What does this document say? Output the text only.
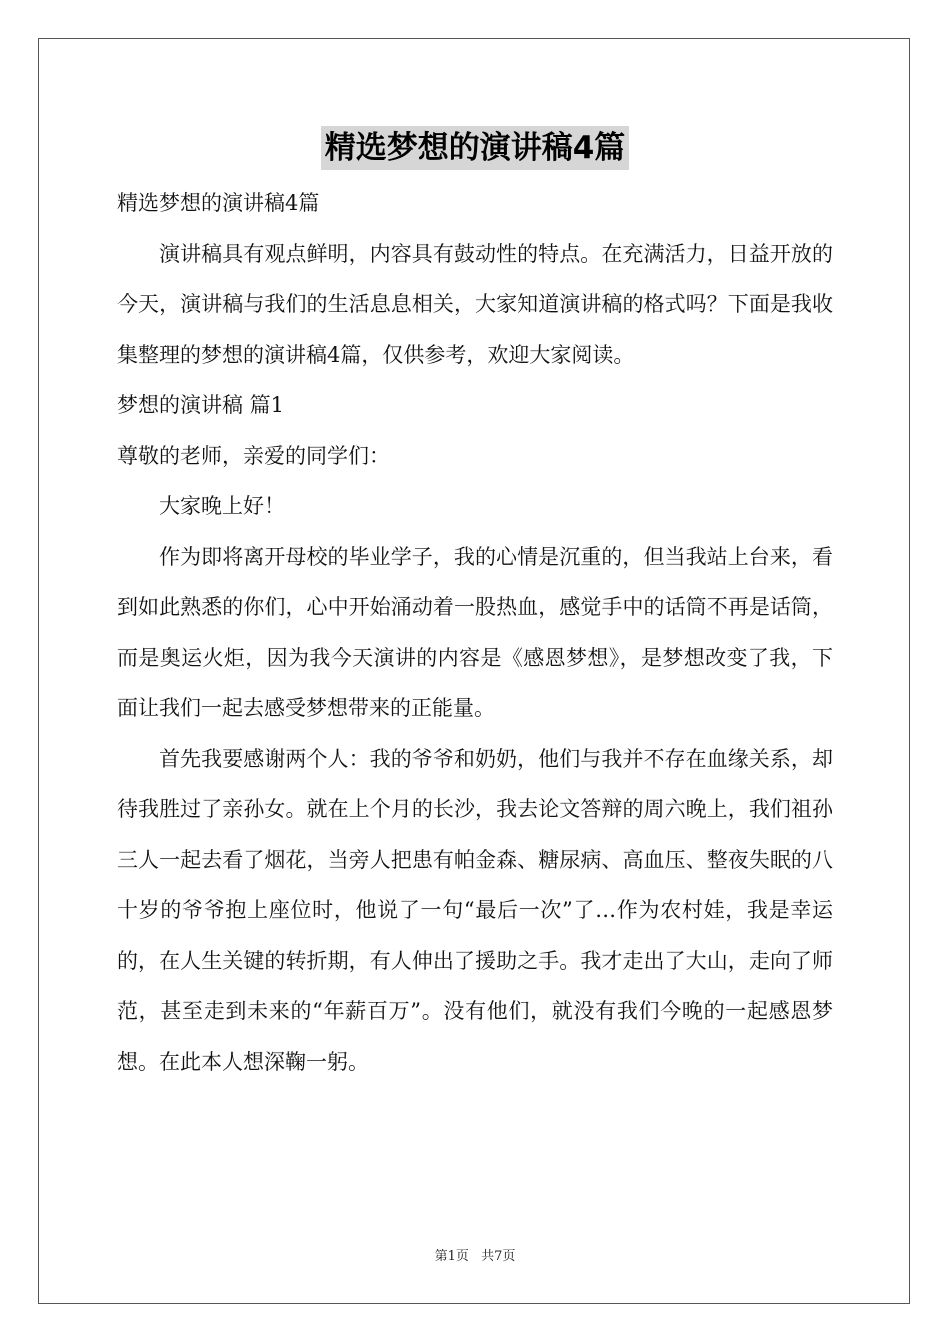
精选梦想的演讲稿4篇

精选梦想的演讲稿4篇

演讲稿具有观点鲜明，内容具有鼓动性的特点。在充满活力，日益开放的今天，演讲稿与我们的生活息息相关，大家知道演讲稿的格式吗？下面是我收集整理的梦想的演讲稿4篇，仅供参考，欢迎大家阅读。

梦想的演讲稿 篇1

尊敬的老师，亲爱的同学们：

大家晚上好！

作为即将离开母校的毕业学子，我的心情是沉重的，但当我站上台来，看到如此熟悉的你们，心中开始涌动着一股热血，感觉手中的话筒不再是话筒，而是奥运火炬，因为我今天演讲的内容是《感恩梦想》，是梦想改变了我，下面让我们一起去感受梦想带来的正能量。

首先我要感谢两个人：我的爷爷和奶奶，他们与我并不存在血缘关系，却待我胜过了亲孙女。就在上个月的长沙，我去论文答辩的周六晚上，我们祖孙三人一起去看了烟花，当旁人把患有帕金森、糖尿病、高血压、整夜失眠的八十岁的爷爷抱上座位时，他说了一句“最后一次”了…作为农村娃，我是幸运的，在人生关键的转折期，有人伸出了援助之手。我才走出了大山，走向了师范，甚至走到未来的“年薪百万”。没有他们，就没有我们今晚的一起感恩梦想。在此本人想深鞠一躬。

第1页 共7页
